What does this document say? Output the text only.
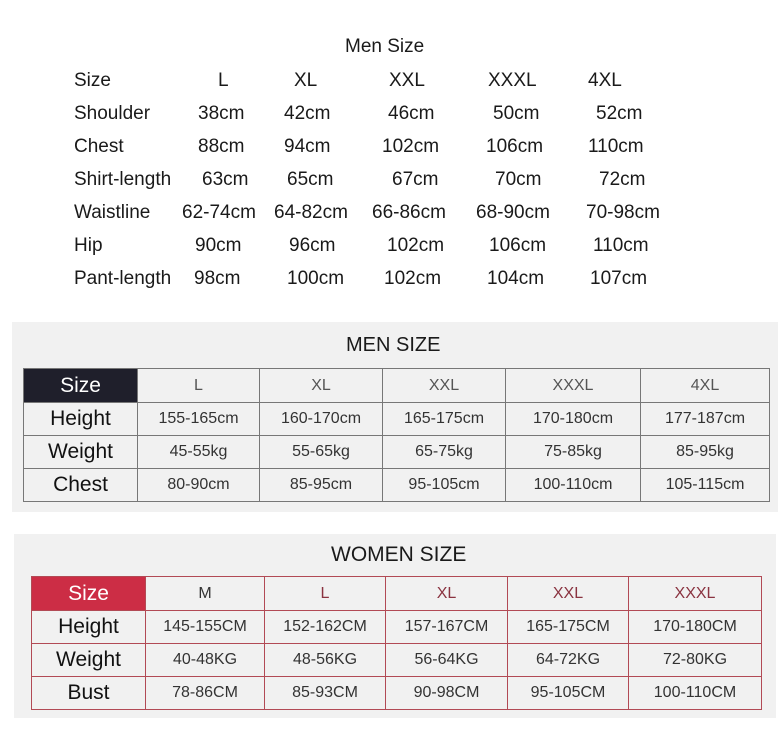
Men Size
Size	L	XL	XXL	XXXL	4XL
Shoulder	38cm 42cm	46cm	50cm	52cm
Chest	88cm 94cm	102cm 106cm 110cm
Shirt-length 63cm 65cm	67cm	70cm	72cm
Waistline 62-74cm 64-82cm 66-86cm 68-90cm 70-98cm
Hip	90cm	96cm	102cm 106cm 110cm
Pant-length 98cm 100cm 102cm 104cm 107cm
MEN SIZE
Size	L	XL	XXL	XXXL	4XL
Height	155-165cm	160-170cm	165-175cm	170-180cm	177-187cm
Weight	45-55kg	55-65kg	65-75kg	75-85kg	85-95kg
Chest	80-90cm	85-95cm	95-105cm	100-110cm	105-115cm
WOMEN SIZE
Size	M	L	XL	XXL	XXXL
Height	145-155CM	152-162CM	157-167CM	165-175CM	170-180CM
Weight	40-48KG	48-56KG	56-64KG	64-72KG	72-80KG
Bust	78-86CM	85-93CM	90-98CM	95-105CM	100-110CM
